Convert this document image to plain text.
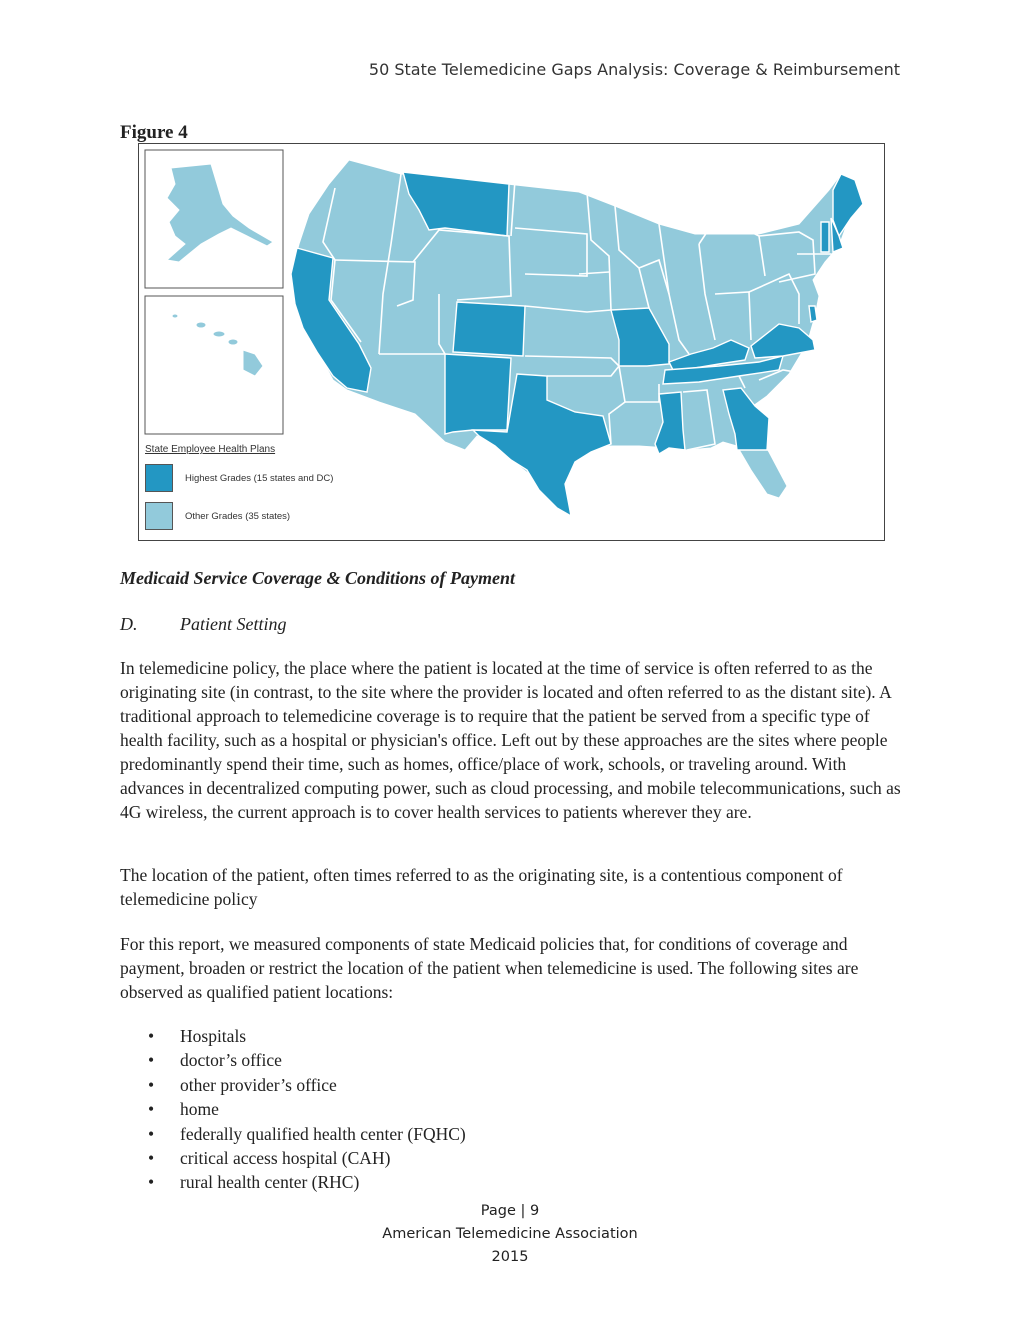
50 State Telemedicine Gaps Analysis: Coverage & Reimbursement
Figure 4
State Employee Health Plans
Highest Grades (15 states and DC)
Other Grades (35 states)
Medicaid Service Coverage & Conditions of Payment
D. Patient Setting

In telemedicine policy, the place where the patient is located at the time of service is often referred to as the originating site (in contrast, to the site where the provider is located and often referred to as the distant site). A traditional approach to telemedicine coverage is to require that the patient be served from a specific type of health facility, such as a hospital or physician's office. Left out by these approaches are the sites where people predominantly spend their time, such as homes, office/place of work, schools, or traveling around. With advances in decentralized computing power, such as cloud processing, and mobile telecommunications, such as 4G wireless, the current approach is to cover health services to patients wherever they are.

The location of the patient, often times referred to as the originating site, is a contentious component of telemedicine policy

For this report, we measured components of state Medicaid policies that, for conditions of coverage and payment, broaden or restrict the location of the patient when telemedicine is used. The following sites are observed as qualified patient locations:

• Hospitals
• doctor’s office
• other provider’s office
• home
• federally qualified health center (FQHC)
• critical access hospital (CAH)
• rural health center (RHC)
Page | 9
American Telemedicine Association
2015
